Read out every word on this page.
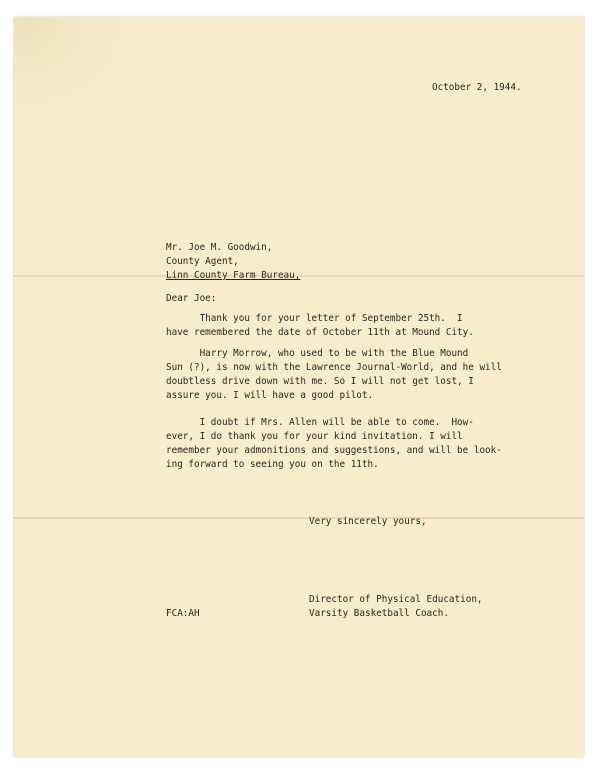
October 2, 1944.
Mr. Joe M. Goodwin,
County Agent,
Linn County Farm Bureau,
Dear Joe:
Thank you for your letter of September 25th.  I
have remembered the date of October 11th at Mound City.
Harry Morrow, who used to be with the Blue Mound
Sun (?), is now with the Lawrence Journal-World, and he will
doubtless drive down with me. So I will not get lost, I
assure you. I will have a good pilot.
I doubt if Mrs. Allen will be able to come.  How-
ever, I do thank you for your kind invitation. I will
remember your admonitions and suggestions, and will be look-
ing forward to seeing you on the 11th.
Very sincerely yours,
Director of Physical Education,
Varsity Basketball Coach.
FCA:AH
